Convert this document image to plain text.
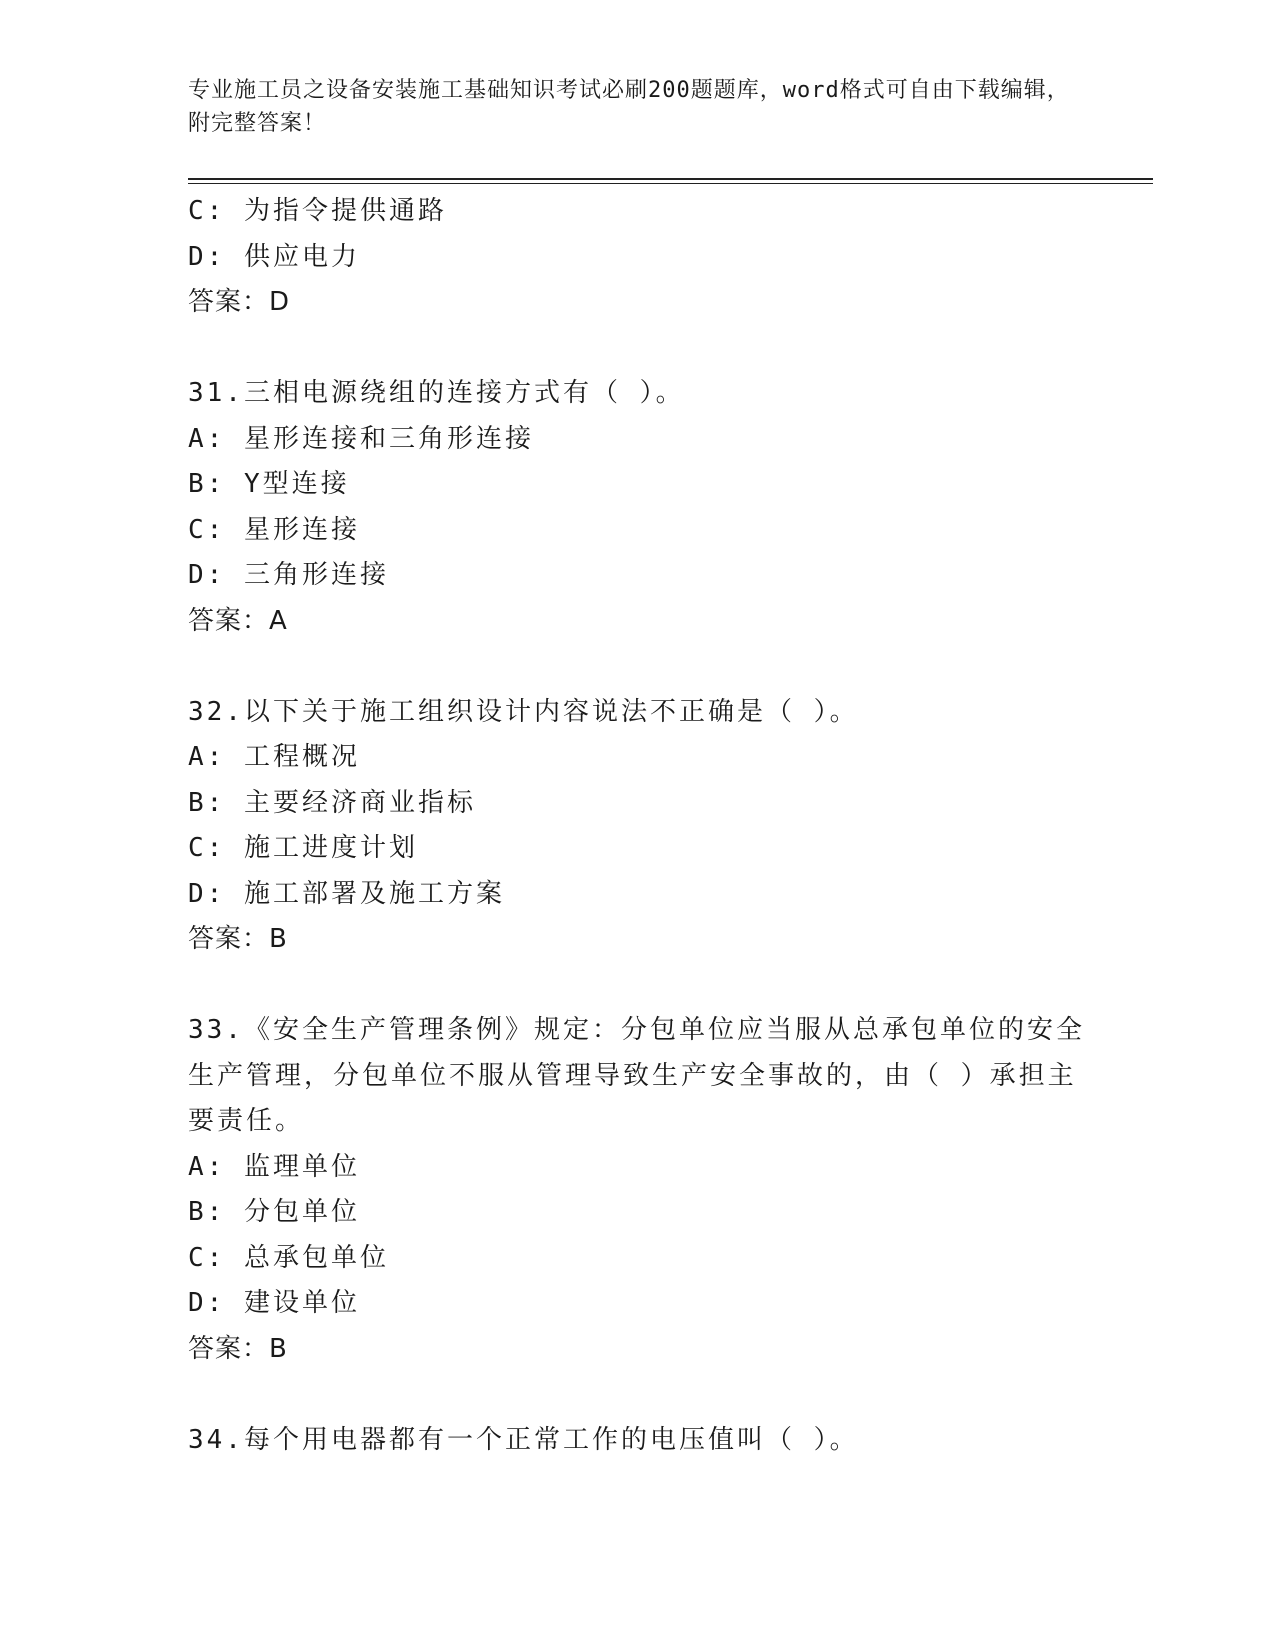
专业施工员之设备安装施工基础知识考试必刷200题题库，word格式可自由下载编辑，附完整答案！
C: 为指令提供通路
D: 供应电力
答案：D
31.三相电源绕组的连接方式有（ ）。
A: 星形连接和三角形连接
B: Y型连接
C: 星形连接
D: 三角形连接
答案：A
32.以下关于施工组织设计内容说法不正确是（ ）。
A: 工程概况
B: 主要经济商业指标
C: 施工进度计划
D: 施工部署及施工方案
答案：B
33.《安全生产管理条例》规定：分包单位应当服从总承包单位的安全生产管理，分包单位不服从管理导致生产安全事故的，由（ ）承担主要责任。
A: 监理单位
B: 分包单位
C: 总承包单位
D: 建设单位
答案：B
34.每个用电器都有一个正常工作的电压值叫（ ）。
